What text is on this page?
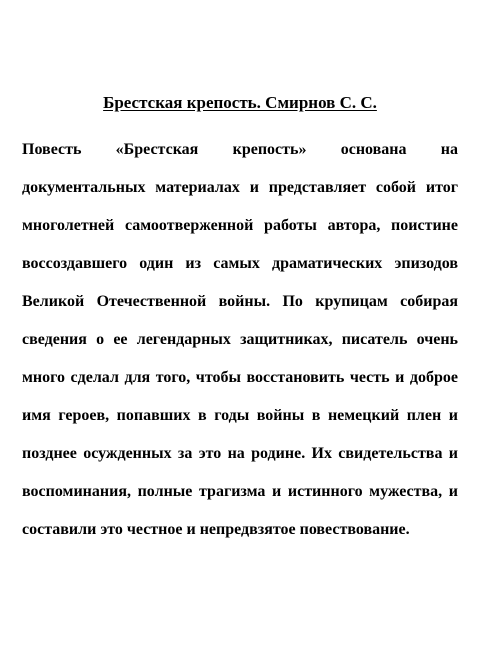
Брестская крепость. Смирнов С. С.
Повесть «Брестская крепость» основана на
документальных материалах и представляет собой итог
многолетней самоотверженной работы автора, поистине
воссоздавшего один из самых драматических эпизодов
Великой Отечественной войны. По крупицам собирая
сведения о ее легендарных защитниках, писатель очень
много сделал для того, чтобы восстановить честь и доброе
имя героев, попавших в годы войны в немецкий плен и
позднее осужденных за это на родине. Их свидетельства и
воспоминания, полные трагизма и истинного мужества, и
составили это честное и непредвзятое повествование.
